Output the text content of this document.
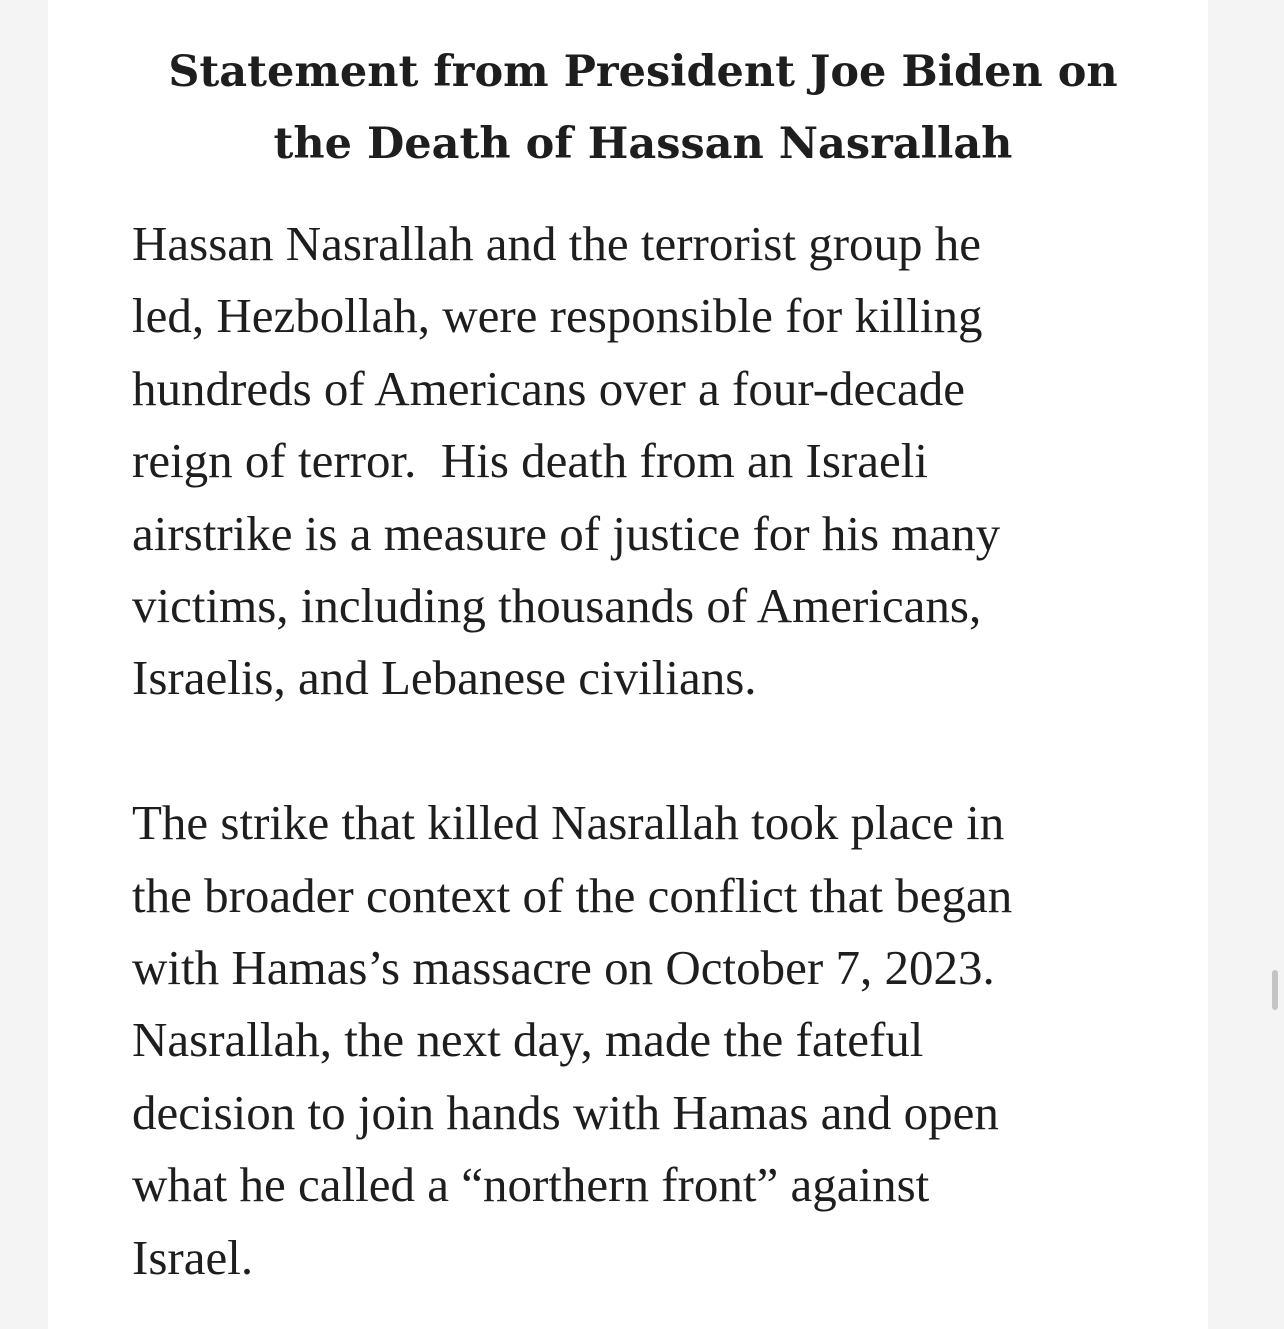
Statement from President Joe Biden on
the Death of Hassan Nasrallah

Hassan Nasrallah and the terrorist group he
led, Hezbollah, were responsible for killing
hundreds of Americans over a four-decade
reign of terror.  His death from an Israeli
airstrike is a measure of justice for his many
victims, including thousands of Americans,
Israelis, and Lebanese civilians.

The strike that killed Nasrallah took place in
the broader context of the conflict that began
with Hamas’s massacre on October 7, 2023.
Nasrallah, the next day, made the fateful
decision to join hands with Hamas and open
what he called a “northern front” against
Israel.
